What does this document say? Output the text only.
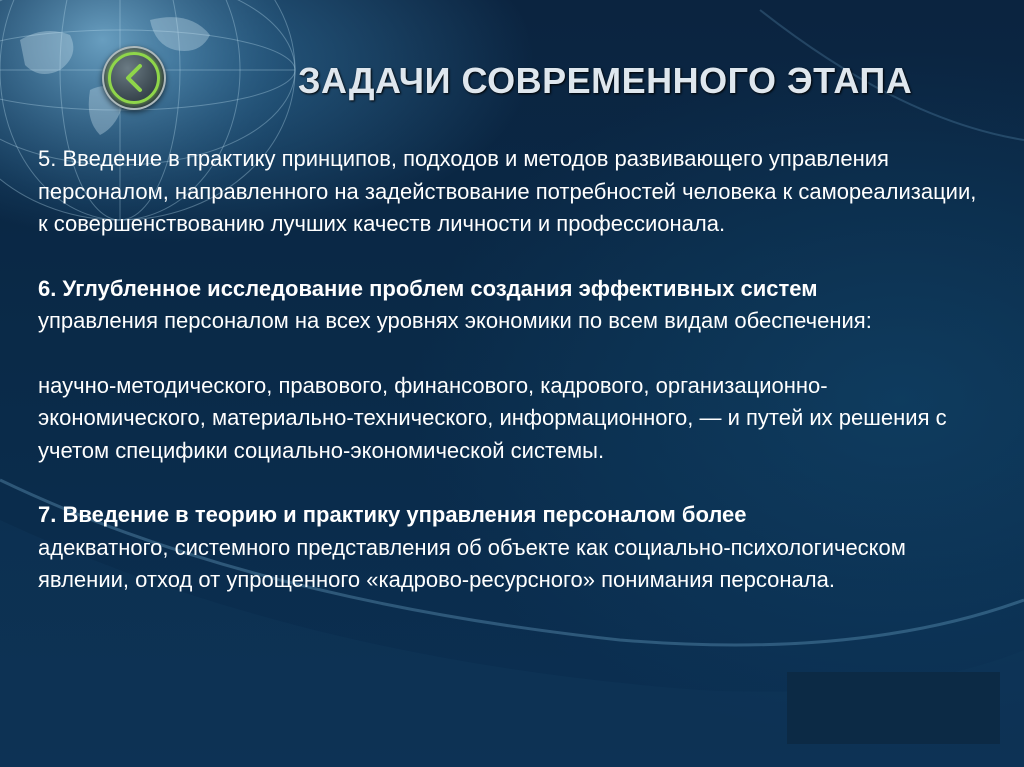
ЗАДАЧИ СОВРЕМЕННОГО ЭТАПА

5. Введение в практику принципов, подходов и методов развивающего управления персоналом, направленного на задействование потребностей человека к самореализации, к совершенствованию лучших качеств личности и профессионала.

6. Углубленное исследование проблем создания эффективных систем
управления персоналом на всех уровнях экономики по всем видам обеспечения:

научно-методического, правового, финансового, кадрового, организационно-экономического, материально-технического, информационного, — и путей их решения с учетом специфики социально-экономической системы.

7. Введение в теорию и практику управления персоналом более
адекватного, системного представления об объекте как социально-психологическом явлении, отход от упрощенного «кадрово-ресурсного» понимания персонала.
